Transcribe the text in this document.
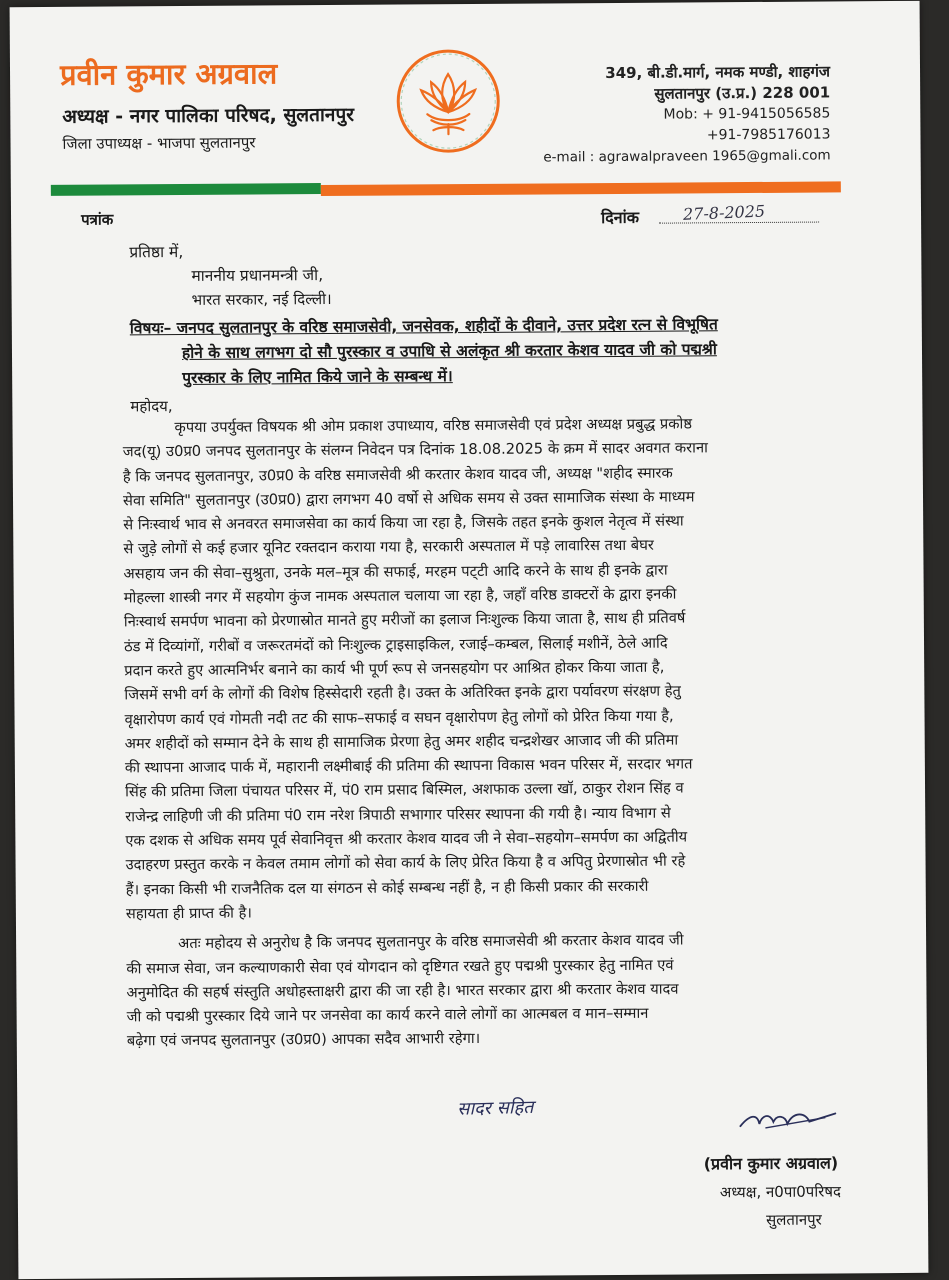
प्रवीन कुमार अग्रवाल
अध्यक्ष - नगर पालिका परिषद, सुलतानपुर
जिला उपाध्यक्ष - भाजपा सुलतानपुर
349, बी.डी.मार्ग, नमक मण्डी, शाहगंज
सुलतानपुर (उ.प्र.) 228 001
Mob: + 91-9415056585
+91-7985176013
e-mail : agrawalpraveen 1965@gmali.com
पत्रांक	दिनांक	27-8-2025
प्रतिष्ठा में,
माननीय प्रधानमन्त्री जी,
भारत सरकार, नई दिल्ली।
विषयः– जनपद सुलतानपुर के वरिष्ठ समाजसेवी, जनसेवक, शहीदों के दीवाने, उत्तर प्रदेश रत्न से विभूषित
होने के साथ लगभग दो सौ पुरस्कार व उपाधि से अलंकृत श्री करतार केशव यादव जी को पद्मश्री
पुरस्कार के लिए नामित किये जाने के सम्बन्ध में।
महोदय,
कृपया उपर्युक्त विषयक श्री ओम प्रकाश उपाध्याय, वरिष्ठ समाजसेवी एवं प्रदेश अध्यक्ष प्रबुद्ध प्रकोष्ठ
जद(यू) उ0प्र0 जनपद सुलतानपुर के संलग्न निवेदन पत्र दिनांक 18.08.2025 के क्रम में सादर अवगत कराना
है कि जनपद सुलतानपुर, उ0प्र0 के वरिष्ठ समाजसेवी श्री करतार केशव यादव जी, अध्यक्ष "शहीद स्मारक
सेवा समिति" सुलतानपुर (उ0प्र0) द्वारा लगभग 40 वर्षो से अधिक समय से उक्त सामाजिक संस्था के माध्यम
से निःस्वार्थ भाव से अनवरत समाजसेवा का कार्य किया जा रहा है, जिसके तहत इनके कुशल नेतृत्व में संस्था
से जुड़े लोगों से कई हजार यूनिट रक्तदान कराया गया है, सरकारी अस्पताल में पड़े लावारिस तथा बेघर
असहाय जन की सेवा–सुश्रुता, उनके मल–मूत्र की सफाई, मरहम पट्‌टी आदि करने के साथ ही इनके द्वारा
मोहल्ला शास्त्री नगर में सहयोग कुंज नामक अस्पताल चलाया जा रहा है, जहाँ वरिष्ठ डाक्टरों के द्वारा इनकी
निःस्वार्थ समर्पण भावना को प्रेरणास्रोत मानते हुए मरीजों का इलाज निःशुल्क किया जाता है, साथ ही प्रतिवर्ष
ठंड में दिव्यांगों, गरीबों व जरूरतमंदों को निःशुल्क ट्राइसाइकिल, रजाई–कम्बल, सिलाई मशीनें, ठेले आदि
प्रदान करते हुए आत्मनिर्भर बनाने का कार्य भी पूर्ण रूप से जनसहयोग पर आश्रित होकर किया जाता है,
जिसमें सभी वर्ग के लोगों की विशेष हिस्सेदारी रहती है। उक्त के अतिरिक्त इनके द्वारा पर्यावरण संरक्षण हेतु
वृक्षारोपण कार्य एवं गोमती नदी तट की साफ–सफाई व सघन वृक्षारोपण हेतु लोगों को प्रेरित किया गया है,
अमर शहीदों को सम्मान देने के साथ ही सामाजिक प्रेरणा हेतु अमर शहीद चन्द्रशेखर आजाद जी की प्रतिमा
की स्थापना आजाद पार्क में, महारानी लक्ष्मीबाई की प्रतिमा की स्थापना विकास भवन परिसर में, सरदार भगत
सिंह की प्रतिमा जिला पंचायत परिसर में, पं0 राम प्रसाद बिस्मिल, अशफाक उल्ला खॉ, ठाकुर रोशन सिंह व
राजेन्द्र लाहिणी जी की प्रतिमा पं0 राम नरेश त्रिपाठी सभागार परिसर स्थापना की गयी है। न्याय विभाग से
एक दशक से अधिक समय पूर्व सेवानिवृत्त श्री करतार केशव यादव जी ने सेवा–सहयोग–समर्पण का अद्वितीय
उदाहरण प्रस्तुत करके न केवल तमाम लोगों को सेवा कार्य के लिए प्रेरित किया है व अपितु प्रेरणास्रोत भी रहे
हैं। इनका किसी भी राजनैतिक दल या संगठन से कोई सम्बन्ध नहीं है, न ही किसी प्रकार की सरकारी
सहायता ही प्राप्त की है।
अतः महोदय से अनुरोध है कि जनपद सुलतानपुर के वरिष्ठ समाजसेवी श्री करतार केशव यादव जी
की समाज सेवा, जन कल्याणकारी सेवा एवं योगदान को दृष्टिगत रखते हुए पद्मश्री पुरस्कार हेतु नामित एवं
अनुमोदित की सहर्ष संस्तुति अधोहस्ताक्षरी द्वारा की जा रही है। भारत सरकार द्वारा श्री करतार केशव यादव
जी को पद्मश्री पुरस्कार दिये जाने पर जनसेवा का कार्य करने वाले लोगों का आत्मबल व मान–सम्मान
बढ़ेगा एवं जनपद सुलतानपुर (उ0प्र0) आपका सदैव आभारी रहेगा।
सादर सहित
(प्रवीन कुमार अग्रवाल)
अध्यक्ष, न0पा0परिषद
सुलतानपुर
